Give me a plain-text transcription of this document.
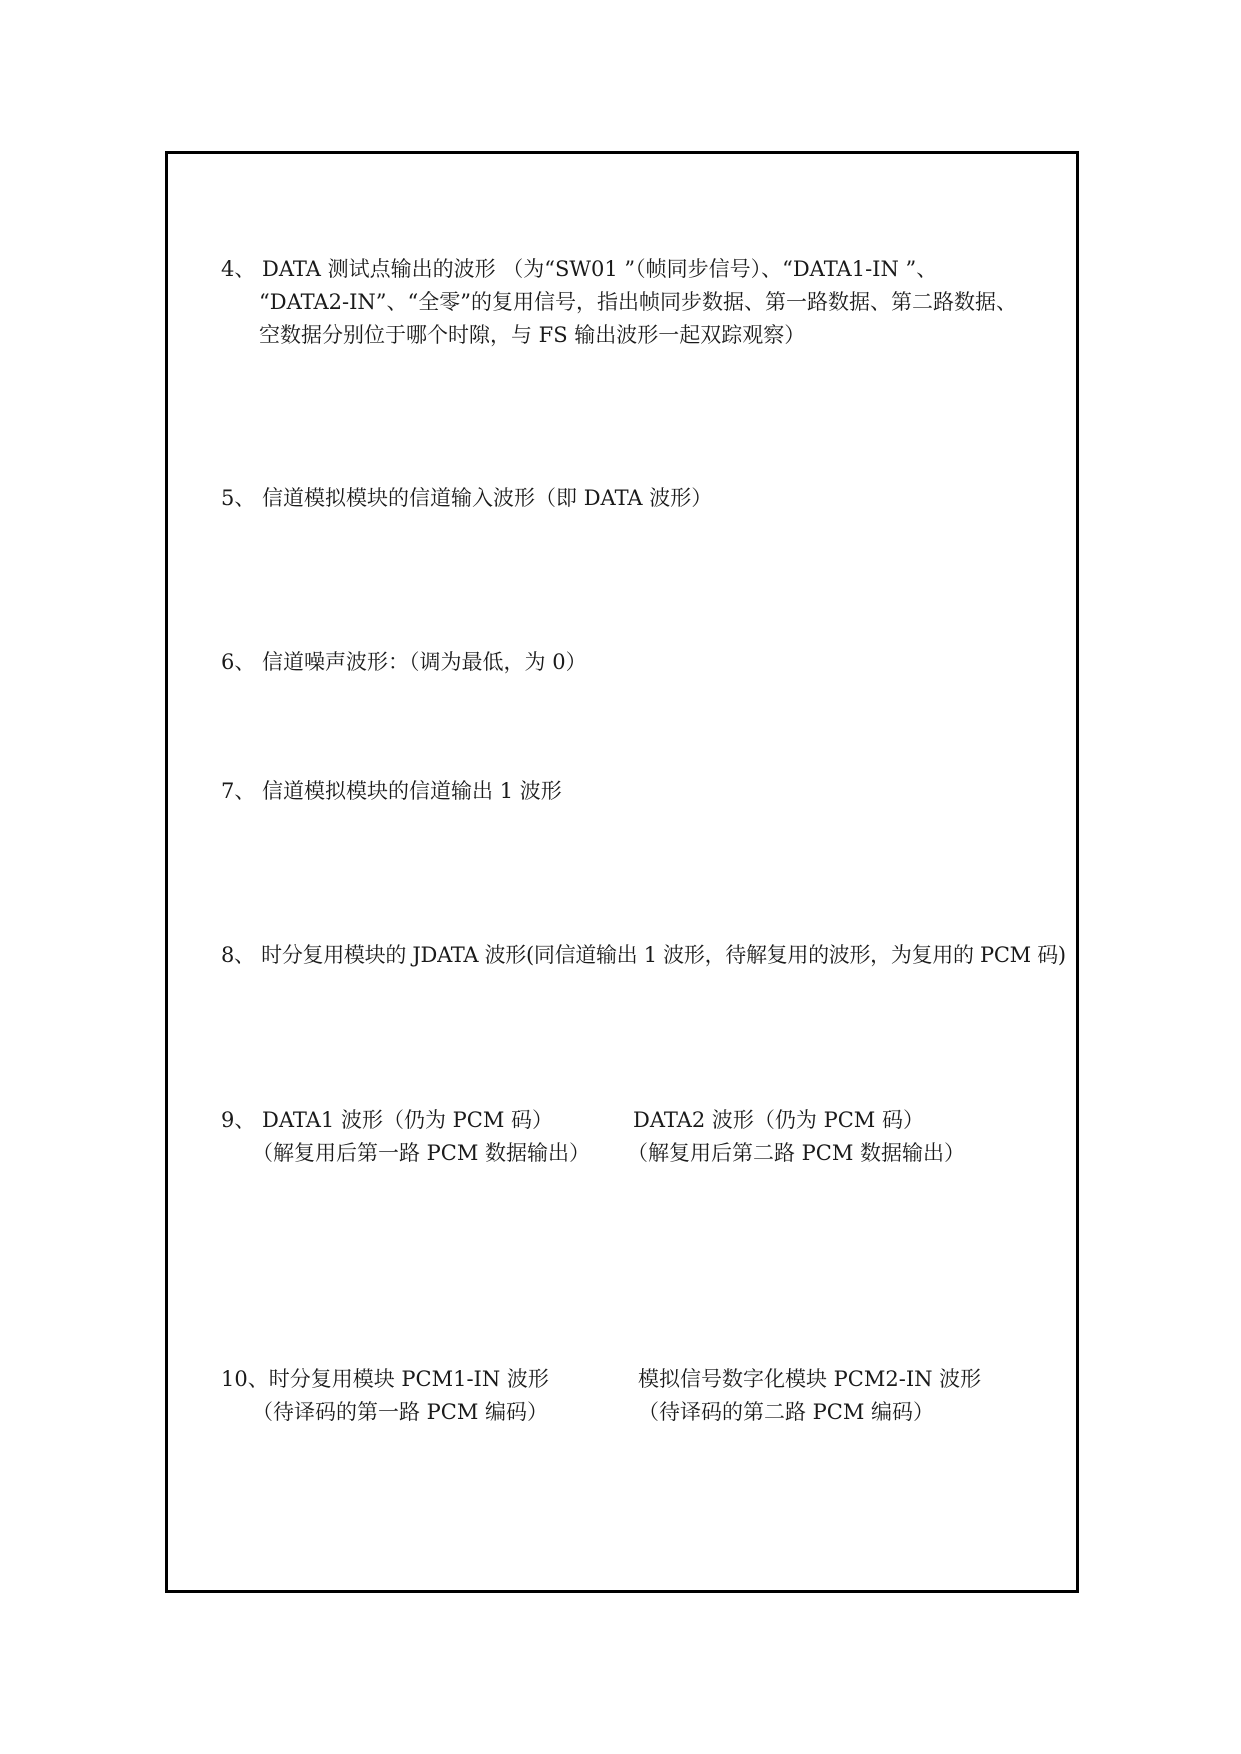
4、 DATA 测试点输出的波形 （为“SW01 ”（帧同步信号）、“DATA1-IN ”、
“DATA2-IN”、“全零”的复用信号，指出帧同步数据、第一路数据、第二路数据、
空数据分别位于哪个时隙，与 FS 输出波形一起双踪观察）
5、 信道模拟模块的信道输入波形（即 DATA 波形）
6、 信道噪声波形：（调为最低，为 0）
7、 信道模拟模块的信道输出 1 波形
8、 时分复用模块的 JDATA 波形(同信道输出 1 波形，待解复用的波形，为复用的 PCM 码)
9、 DATA1 波形（仍为 PCM 码）
（解复用后第一路 PCM 数据输出）
DATA2 波形（仍为 PCM 码）
（解复用后第二路 PCM 数据输出）
10、时分复用模块 PCM1-IN 波形
（待译码的第一路 PCM 编码）
模拟信号数字化模块 PCM2-IN 波形
（待译码的第二路 PCM 编码）
